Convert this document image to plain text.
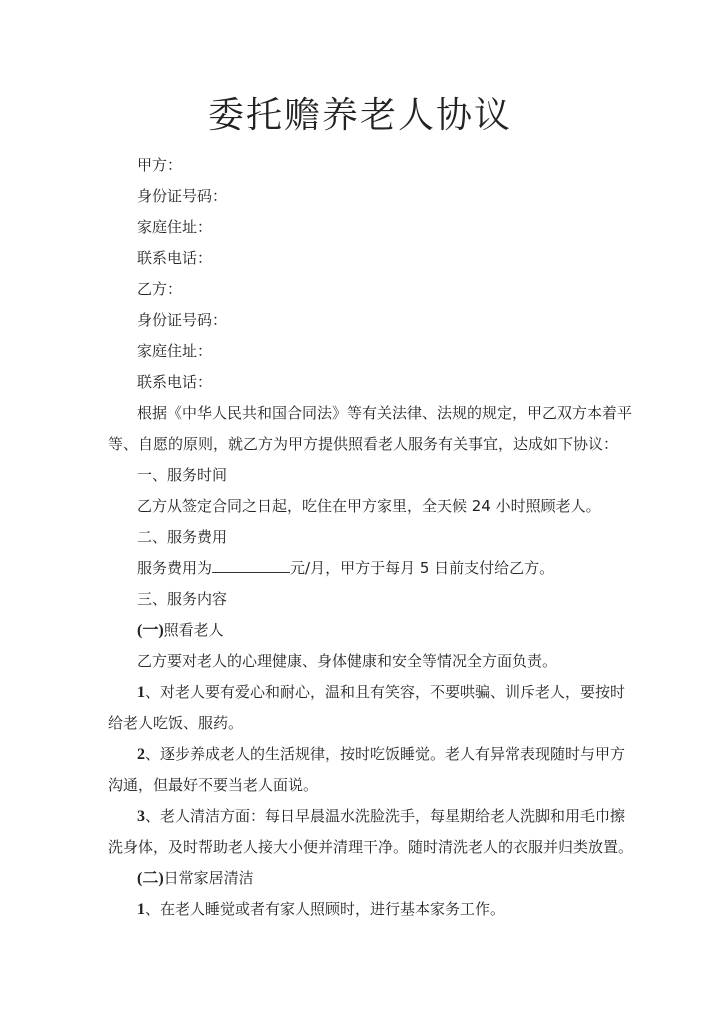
委托赡养老人协议
甲方：
身份证号码：
家庭住址：
联系电话：
乙方：
身份证号码：
家庭住址：
联系电话：
根据《中华人民共和国合同法》等有关法律、法规的规定，甲乙双方本着平
等、自愿的原则，就乙方为甲方提供照看老人服务有关事宜，达成如下协议：
一、服务时间
乙方从签定合同之日起，吃住在甲方家里，全天候 24 小时照顾老人。
二、服务费用
服务费用为	元/月，甲方于每月 5 日前支付给乙方。
三、服务内容
(一)照看老人
乙方要对老人的心理健康、身体健康和安全等情况全方面负责。
1、对老人要有爱心和耐心，温和且有笑容，不要哄骗、训斥老人，要按时
给老人吃饭、服药。
2、逐步养成老人的生活规律，按时吃饭睡觉。老人有异常表现随时与甲方
沟通，但最好不要当老人面说。
3、老人清洁方面：每日早晨温水洗脸洗手，每星期给老人洗脚和用毛巾擦
洗身体，及时帮助老人接大小便并清理干净。随时清洗老人的衣服并归类放置。
(二)日常家居清洁
1、在老人睡觉或者有家人照顾时，进行基本家务工作。
